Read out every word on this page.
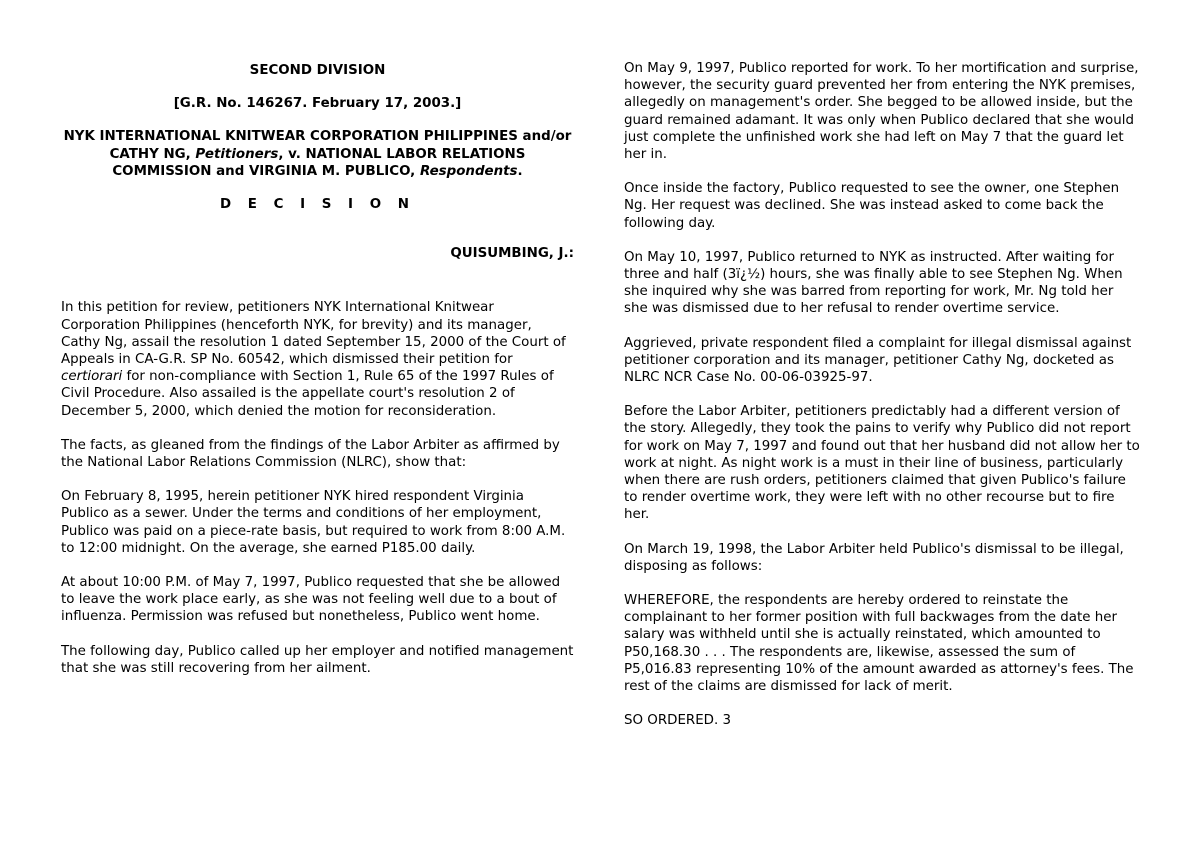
SECOND DIVISION

[G.R. No. 146267. February 17, 2003.]

NYK INTERNATIONAL KNITWEAR CORPORATION PHILIPPINES and/or CATHY NG, Petitioners, v. NATIONAL LABOR RELATIONS COMMISSION and VIRGINIA M. PUBLICO, Respondents.

D E C I S I O N

QUISUMBING, J.:

In this petition for review, petitioners NYK International Knitwear Corporation Philippines (henceforth NYK, for brevity) and its manager, Cathy Ng, assail the resolution 1 dated September 15, 2000 of the Court of Appeals in CA-G.R. SP No. 60542, which dismissed their petition for certiorari for non-compliance with Section 1, Rule 65 of the 1997 Rules of Civil Procedure. Also assailed is the appellate court's resolution 2 of December 5, 2000, which denied the motion for reconsideration.

The facts, as gleaned from the findings of the Labor Arbiter as affirmed by the National Labor Relations Commission (NLRC), show that:

On February 8, 1995, herein petitioner NYK hired respondent Virginia Publico as a sewer. Under the terms and conditions of her employment, Publico was paid on a piece-rate basis, but required to work from 8:00 A.M. to 12:00 midnight. On the average, she earned P185.00 daily.

At about 10:00 P.M. of May 7, 1997, Publico requested that she be allowed to leave the work place early, as she was not feeling well due to a bout of influenza. Permission was refused but nonetheless, Publico went home.

The following day, Publico called up her employer and notified management that she was still recovering from her ailment.

On May 9, 1997, Publico reported for work. To her mortification and surprise, however, the security guard prevented her from entering the NYK premises, allegedly on management's order. She begged to be allowed inside, but the guard remained adamant. It was only when Publico declared that she would just complete the unfinished work she had left on May 7 that the guard let her in.

Once inside the factory, Publico requested to see the owner, one Stephen Ng. Her request was declined. She was instead asked to come back the following day.

On May 10, 1997, Publico returned to NYK as instructed. After waiting for three and half (3ï¿½) hours, she was finally able to see Stephen Ng. When she inquired why she was barred from reporting for work, Mr. Ng told her she was dismissed due to her refusal to render overtime service.

Aggrieved, private respondent filed a complaint for illegal dismissal against petitioner corporation and its manager, petitioner Cathy Ng, docketed as NLRC NCR Case No. 00-06-03925-97.

Before the Labor Arbiter, petitioners predictably had a different version of the story. Allegedly, they took the pains to verify why Publico did not report for work on May 7, 1997 and found out that her husband did not allow her to work at night. As night work is a must in their line of business, particularly when there are rush orders, petitioners claimed that given Publico's failure to render overtime work, they were left with no other recourse but to fire her.

On March 19, 1998, the Labor Arbiter held Publico's dismissal to be illegal, disposing as follows:

WHEREFORE, the respondents are hereby ordered to reinstate the complainant to her former position with full backwages from the date her salary was withheld until she is actually reinstated, which amounted to P50,168.30 . . . The respondents are, likewise, assessed the sum of P5,016.83 representing 10% of the amount awarded as attorney's fees. The rest of the claims are dismissed for lack of merit.

SO ORDERED. 3
